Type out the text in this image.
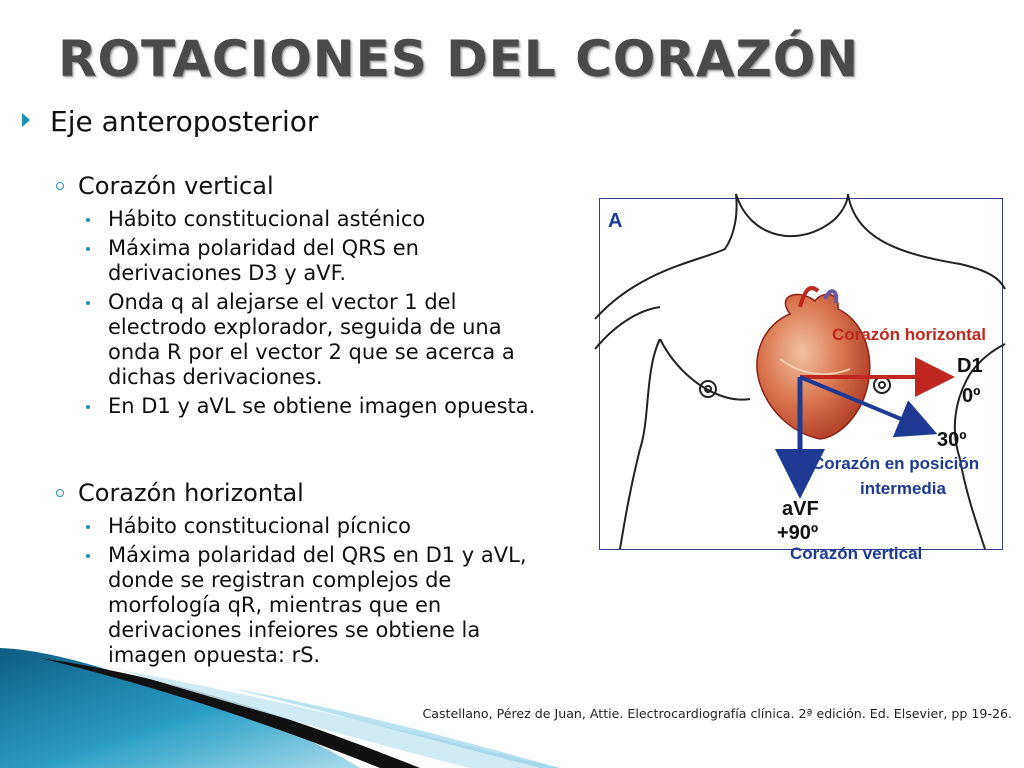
ROTACIONES DEL CORAZÓN
Eje anteroposterior
Corazón vertical
Hábito constitucional asténico
Máxima polaridad del QRS en derivaciones D3 y aVF.
Onda q al alejarse el vector 1 del electrodo explorador, seguida de una onda R por el vector 2 que se acerca a dichas derivaciones.
En D1 y aVL se obtiene imagen opuesta.
Corazón horizontal
Hábito constitucional pícnico
Máxima polaridad del QRS en D1 y aVL, donde se registran complejos de morfología qR, mientras que en derivaciones infeiores se obtiene la imagen opuesta: rS.
A
Corazón horizontal
D1
0º
30º
Corazón en posición
intermedia
aVF
+90º
Corazón vertical
Castellano, Pérez de Juan, Attie. Electrocardiografía clínica. 2ª edición. Ed. Elsevier, pp 19-26.
